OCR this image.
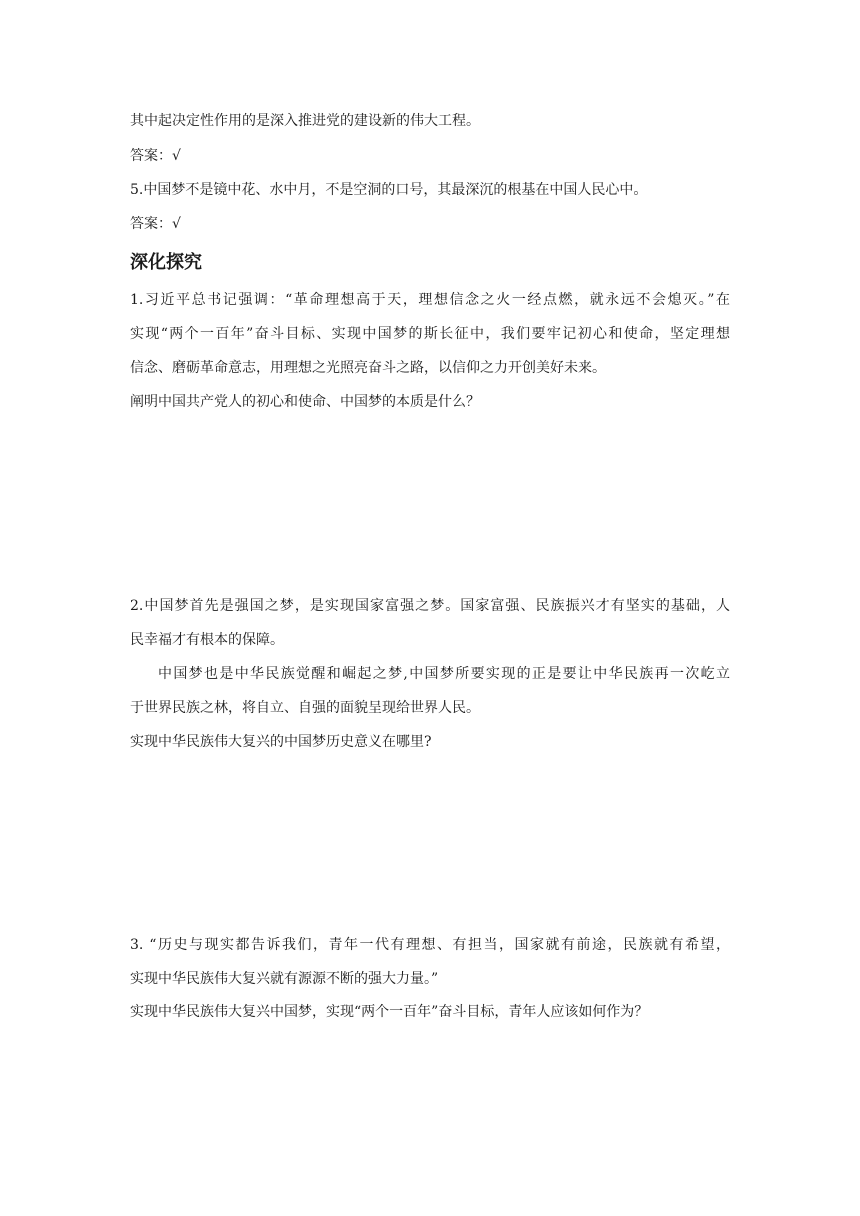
其中起决定性作用的是深入推进党的建设新的伟大工程。
答案：√
5.中国梦不是镜中花、水中月，不是空洞的口号，其最深沉的根基在中国人民心中。
答案：√
深化探究
1.习近平总书记强调：“革命理想高于天，理想信念之火一经点燃，就永远不会熄灭。”在
实现“两个一百年”奋斗目标、实现中国梦的斯长征中，我们要牢记初心和使命，坚定理想
信念、磨砺革命意志，用理想之光照亮奋斗之路，以信仰之力开创美好未来。
阐明中国共产党人的初心和使命、中国梦的本质是什么？
2.中国梦首先是强国之梦，是实现国家富强之梦。国家富强、民族振兴才有坚实的基础，人
民幸福才有根本的保障。
中国梦也是中华民族觉醒和崛起之梦,中国梦所要实现的正是要让中华民族再一次屹立
于世界民族之林，将自立、自强的面貌呈现给世界人民。
实现中华民族伟大复兴的中国梦历史意义在哪里?
3. “历史与现实都告诉我们，青年一代有理想、有担当，国家就有前途，民族就有希望，
实现中华民族伟大复兴就有源源不断的强大力量。”
实现中华民族伟大复兴中国梦，实现“两个一百年”奋斗目标，青年人应该如何作为？
